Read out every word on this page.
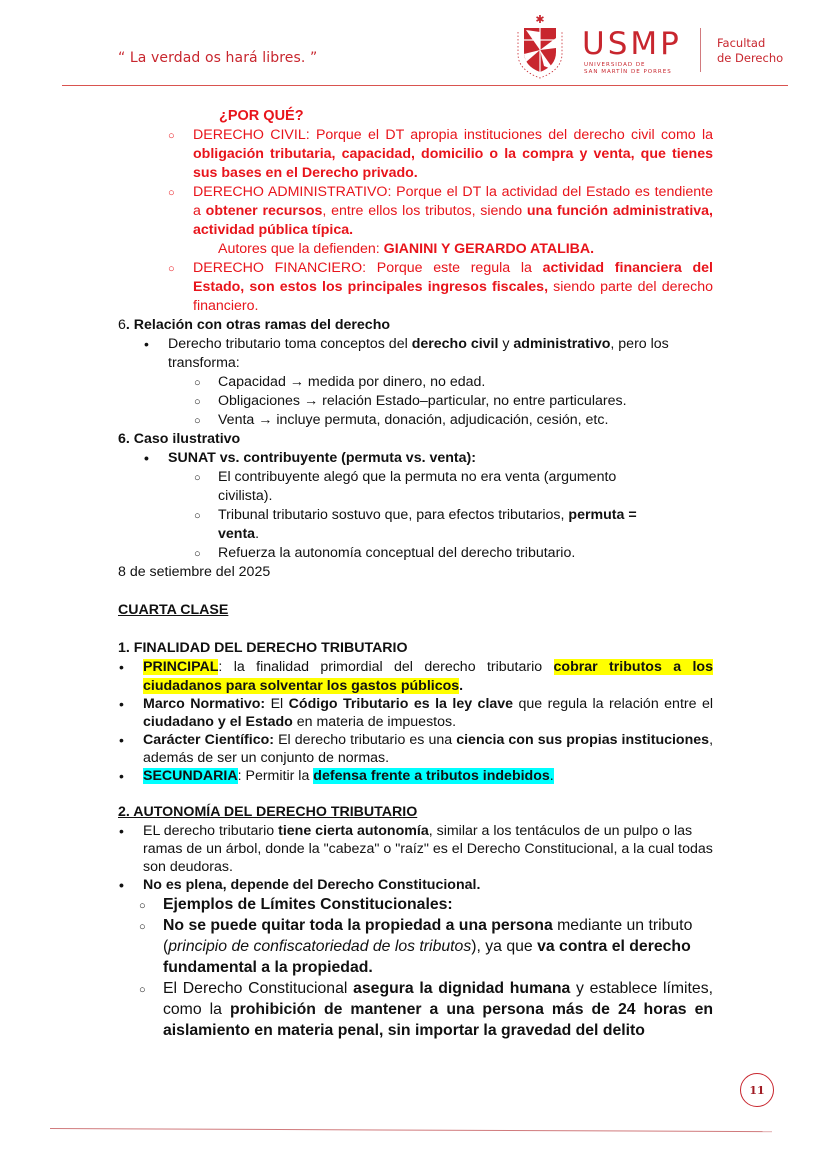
“ La verdad os hará libres. ”
✱
USMP
UNIVERSIDAD DE
SAN MARTÍN DE PORRES
Facultad
de Derecho
¿POR QUÉ?
○ DERECHO CIVIL: Porque el DT apropia instituciones del derecho civil como la obligación tributaria, capacidad, domicilio o la compra y venta, que tienes sus bases en el Derecho privado.
○ DERECHO ADMINISTRATIVO: Porque el DT la actividad del Estado es tendiente a obtener recursos, entre ellos los tributos, siendo una función administrativa, actividad pública típica.
Autores que la defienden: GIANINI Y GERARDO ATALIBA.
○ DERECHO FINANCIERO: Porque este regula la actividad financiera del Estado, son estos los principales ingresos fiscales, siendo parte del derecho financiero.
6. Relación con otras ramas del derecho
• Derecho tributario toma conceptos del derecho civil y administrativo, pero los transforma:
○ Capacidad → medida por dinero, no edad.
○ Obligaciones → relación Estado–particular, no entre particulares.
○ Venta → incluye permuta, donación, adjudicación, cesión, etc.
6. Caso ilustrativo
• SUNAT vs. contribuyente (permuta vs. venta):
○ El contribuyente alegó que la permuta no era venta (argumento civilista).
○ Tribunal tributario sostuvo que, para efectos tributarios, permuta = venta.
○ Refuerza la autonomía conceptual del derecho tributario.
8 de setiembre del 2025
CUARTA CLASE
1. FINALIDAD DEL DERECHO TRIBUTARIO
• PRINCIPAL: la finalidad primordial del derecho tributario cobrar tributos a los ciudadanos para solventar los gastos públicos.
• Marco Normativo: El Código Tributario es la ley clave que regula la relación entre el ciudadano y el Estado en materia de impuestos.
• Carácter Científico: El derecho tributario es una ciencia con sus propias instituciones, además de ser un conjunto de normas.
• SECUNDARIA: Permitir la defensa frente a tributos indebidos.
2. AUTONOMÍA DEL DERECHO TRIBUTARIO
• EL derecho tributario tiene cierta autonomía, similar a los tentáculos de un pulpo o las ramas de un árbol, donde la "cabeza" o "raíz" es el Derecho Constitucional, a la cual todas son deudoras.
• No es plena, depende del Derecho Constitucional.
○ Ejemplos de Límites Constitucionales:
○ No se puede quitar toda la propiedad a una persona mediante un tributo (principio de confiscatoriedad de los tributos), ya que va contra el derecho fundamental a la propiedad.
○ El Derecho Constitucional asegura la dignidad humana y establece límites, como la prohibición de mantener a una persona más de 24 horas en aislamiento en materia penal, sin importar la gravedad del delito
11
